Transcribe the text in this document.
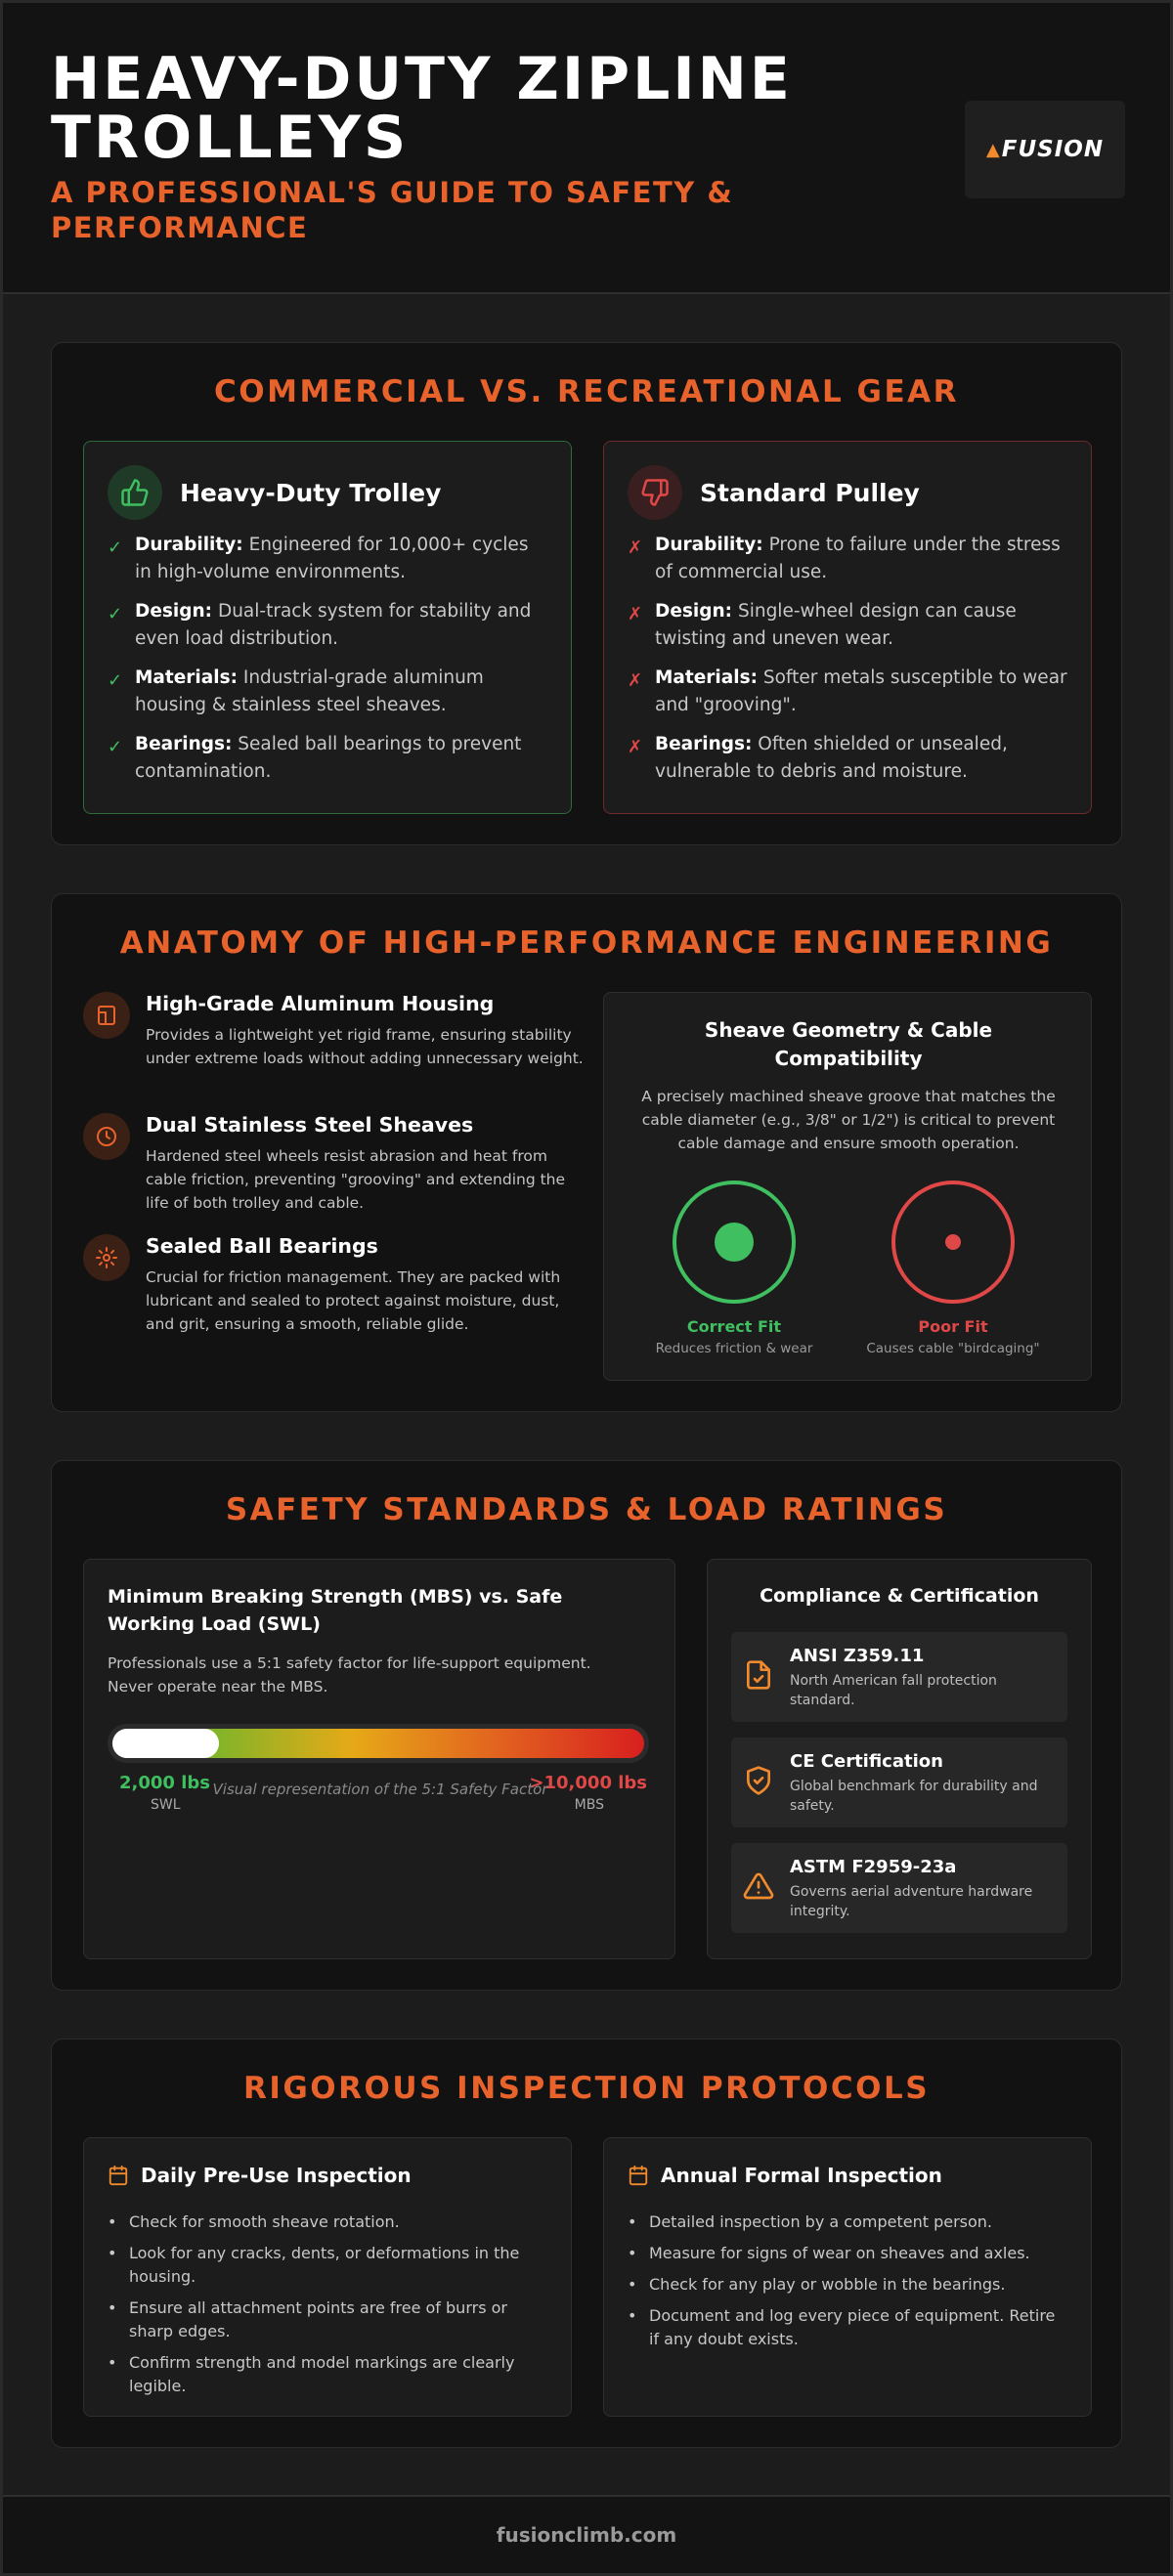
HEAVY-DUTY ZIPLINE TROLLEYS
A PROFESSIONAL'S GUIDE TO SAFETY & PERFORMANCE
▲ FUSION
COMMERCIAL VS. RECREATIONAL GEAR
Heavy-Duty Trolley
✓ Durability: Engineered for 10,000+ cycles in high-volume environments.
✓ Design: Dual-track system for stability and even load distribution.
✓ Materials: Industrial-grade aluminum housing & stainless steel sheaves.
✓ Bearings: Sealed ball bearings to prevent contamination.
Standard Pulley
✗ Durability: Prone to failure under the stress of commercial use.
✗ Design: Single-wheel design can cause twisting and uneven wear.
✗ Materials: Softer metals susceptible to wear and "grooving".
✗ Bearings: Often shielded or unsealed, vulnerable to debris and moisture.
ANATOMY OF HIGH-PERFORMANCE ENGINEERING
High-Grade Aluminum Housing
Provides a lightweight yet rigid frame, ensuring stability under extreme loads without adding unnecessary weight.
Dual Stainless Steel Sheaves
Hardened steel wheels resist abrasion and heat from cable friction, preventing "grooving" and extending the life of both trolley and cable.
Sealed Ball Bearings
Crucial for friction management. They are packed with lubricant and sealed to protect against moisture, dust, and grit, ensuring a smooth, reliable glide.
Sheave Geometry & Cable Compatibility
A precisely machined sheave groove that matches the cable diameter (e.g., 3/8" or 1/2") is critical to prevent cable damage and ensure smooth operation.
Correct Fit
Reduces friction & wear
Poor Fit
Causes cable "birdcaging"
SAFETY STANDARDS & LOAD RATINGS
Minimum Breaking Strength (MBS) vs. Safe Working Load (SWL)
Professionals use a 5:1 safety factor for life-support equipment. Never operate near the MBS.
2,000 lbs
SWL
>10,000 lbs
MBS
Visual representation of the 5:1 Safety Factor
Compliance & Certification
ANSI Z359.11
North American fall protection standard.
CE Certification
Global benchmark for durability and safety.
ASTM F2959-23a
Governs aerial adventure hardware integrity.
RIGOROUS INSPECTION PROTOCOLS
Daily Pre-Use Inspection
• Check for smooth sheave rotation.
• Look for any cracks, dents, or deformations in the housing.
• Ensure all attachment points are free of burrs or sharp edges.
• Confirm strength and model markings are clearly legible.
Annual Formal Inspection
• Detailed inspection by a competent person.
• Measure for signs of wear on sheaves and axles.
• Check for any play or wobble in the bearings.
• Document and log every piece of equipment. Retire if any doubt exists.
fusionclimb.com
